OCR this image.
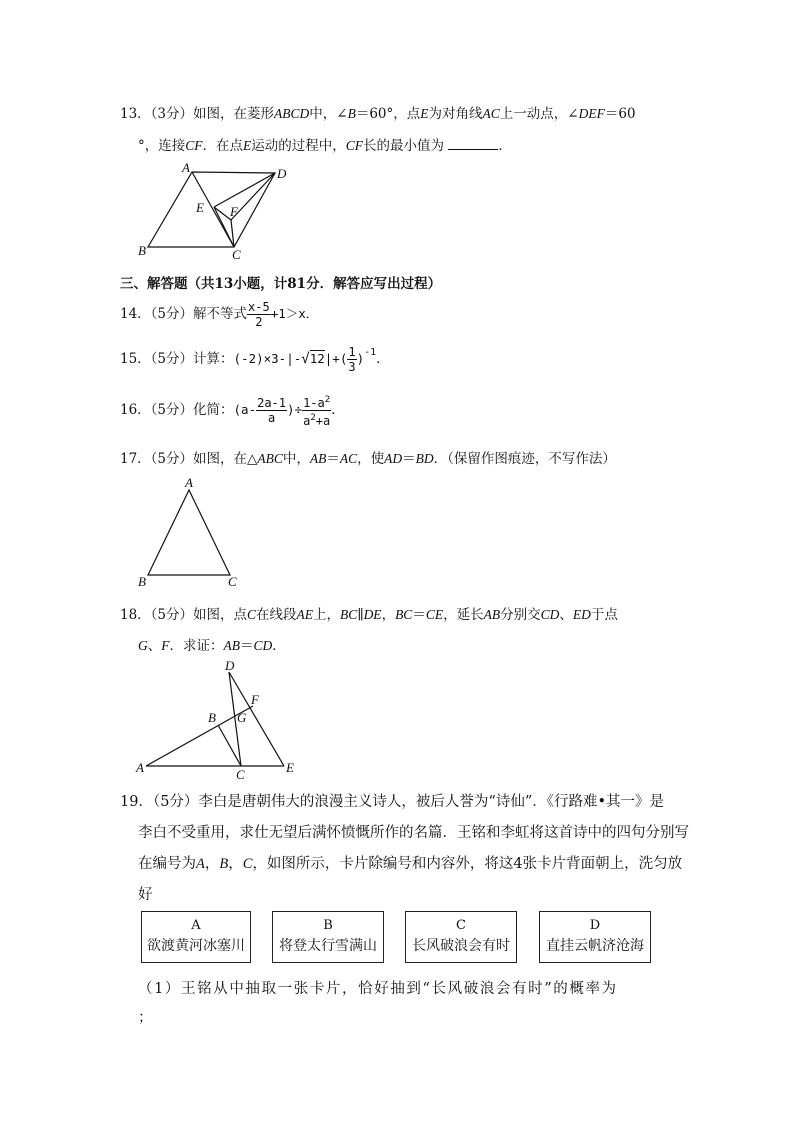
13．（3分）如图，在菱形ABCD中，∠B＝60°，点E为对角线AC上一动点，∠DEF＝60
°，连接CF．在点E运动的过程中，CF长的最小值为	．
A	D
E F
B	C
三、解答题（共13小题，计81分．解答应写出过程）
14．（5分）解不等式 $\frac{x-5}{2} +1>x$．
15．（5分）计算：$(-2)\times 3-|-√12|+( \frac{1}{3} )^{-1}$．
16．（5分）化简：($a- \frac{2a-1}{a}$ )÷ $\frac{1-a^2}{a^2+a}$ ．
17．（5分）如图，在△ABC中，AB＝AC，使AD＝BD．（保留作图痕迹，不写作法）
A
B	C
18．（5分）如图，点C在线段AE上，BC∥DE，BC＝CE，延长AB分别交CD、ED于点
G、F．求证：AB＝CD．
D
F
B G
A	C	E
19．（5分）李白是唐朝伟大的浪漫主义诗人，被后人誉为“诗仙”．《行路难•其一》是
李白不受重用，求仕无望后满怀愤慨所作的名篇．王铭和李虹将这首诗中的四句分别写
在编号为A，B，C，如图所示，卡片除编号和内容外，将这4张卡片背面朝上，洗匀放
好
A
欲渡黄河冰塞川
B
将登太行雪满山
C
长风破浪会有时
D
直挂云帆济沧海
（1）王铭从中抽取一张卡片，恰好抽到“长风破浪会有时”的概率为
；
